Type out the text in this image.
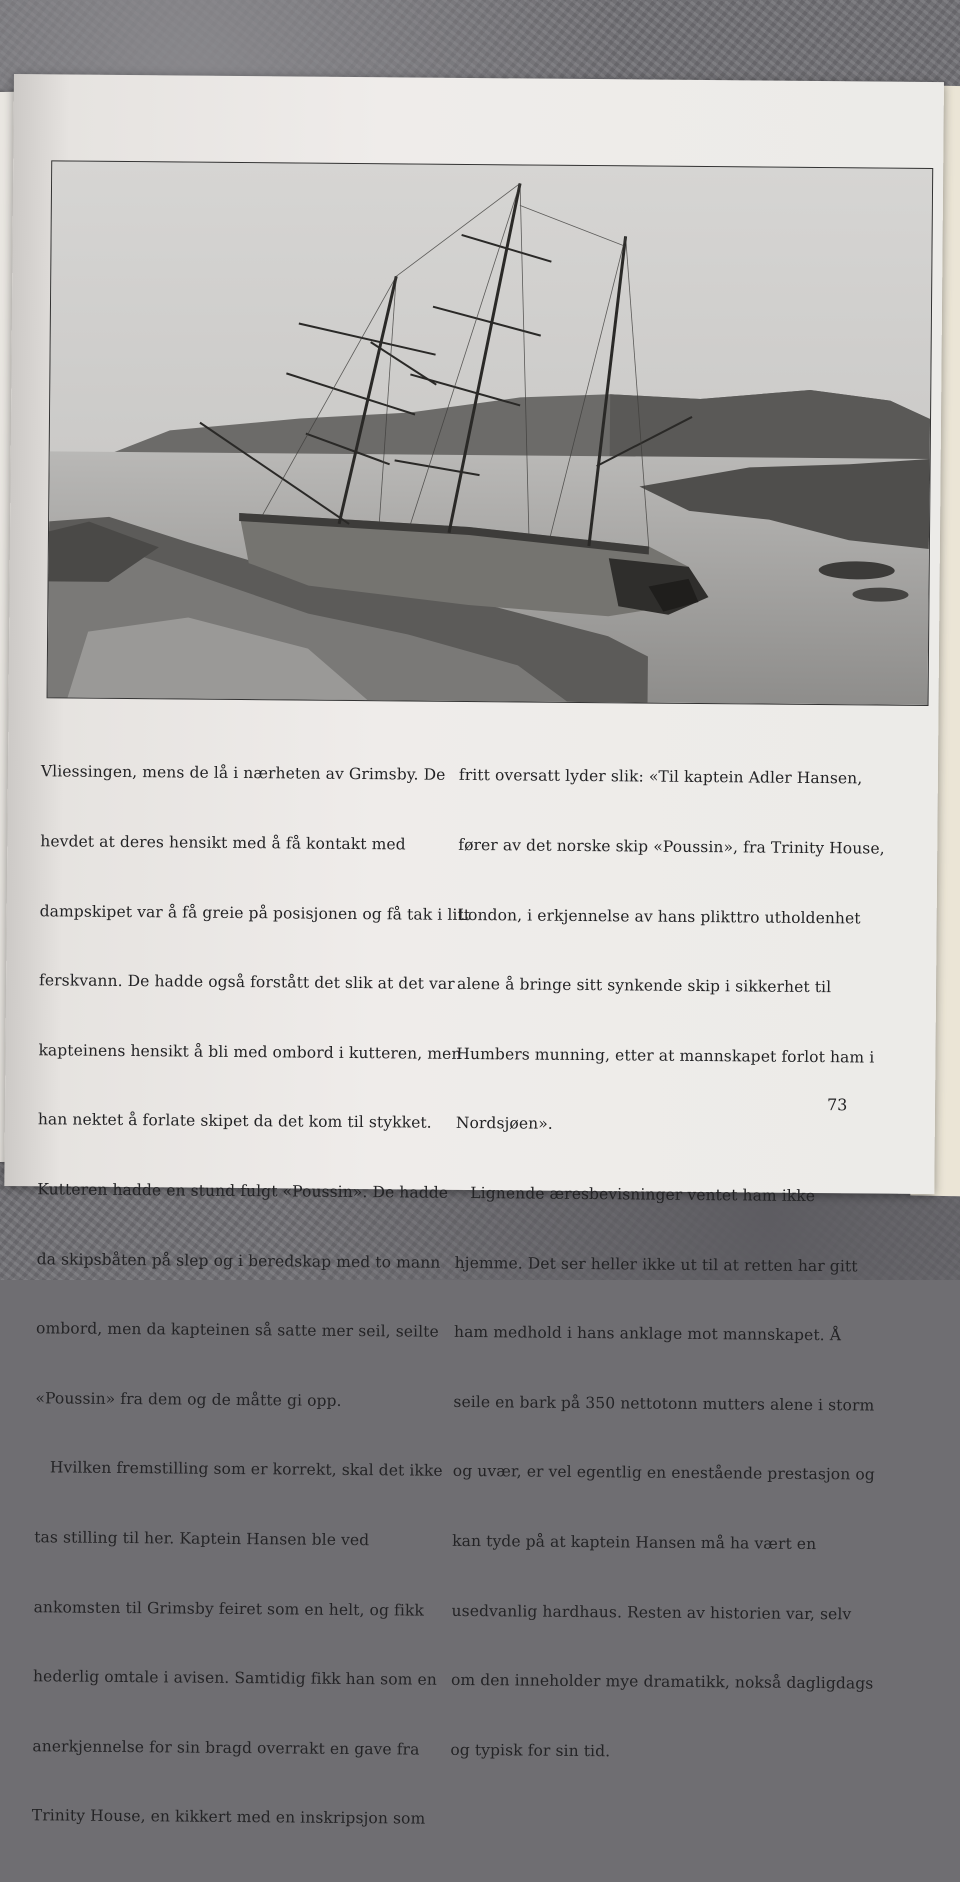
Vliessingen, mens de lå i nærheten av Grimsby. De

hevdet at deres hensikt med å få kontakt med

dampskipet var å få greie på posisjonen og få tak i litt

ferskvann. De hadde også forstått det slik at det var

kapteinens hensikt å bli med ombord i kutteren, men

han nektet å forlate skipet da det kom til stykket.

Kutteren hadde en stund fulgt «Poussin». De hadde

da skipsbåten på slep og i beredskap med to mann

ombord, men da kapteinen så satte mer seil, seilte

«Poussin» fra dem og de måtte gi opp.

Hvilken fremstilling som er korrekt, skal det ikke

tas stilling til her. Kaptein Hansen ble ved

ankomsten til Grimsby feiret som en helt, og fikk

hederlig omtale i avisen. Samtidig fikk han som en

anerkjennelse for sin bragd overrakt en gave fra

Trinity House, en kikkert med en inskripsjon som

fritt oversatt lyder slik: «Til kaptein Adler Hansen,

fører av det norske skip «Poussin», fra Trinity House,

London, i erkjennelse av hans plikttro utholdenhet

alene å bringe sitt synkende skip i sikkerhet til

Humbers munning, etter at mannskapet forlot ham i

Nordsjøen».

Lignende æresbevisninger ventet ham ikke

hjemme. Det ser heller ikke ut til at retten har gitt

ham medhold i hans anklage mot mannskapet. Å

seile en bark på 350 nettotonn mutters alene i storm

og uvær, er vel egentlig en enestående prestasjon og

kan tyde på at kaptein Hansen må ha vært en

usedvanlig hardhaus. Resten av historien var, selv

om den inneholder mye dramatikk, nokså dagligdags

og typisk for sin tid.

73
